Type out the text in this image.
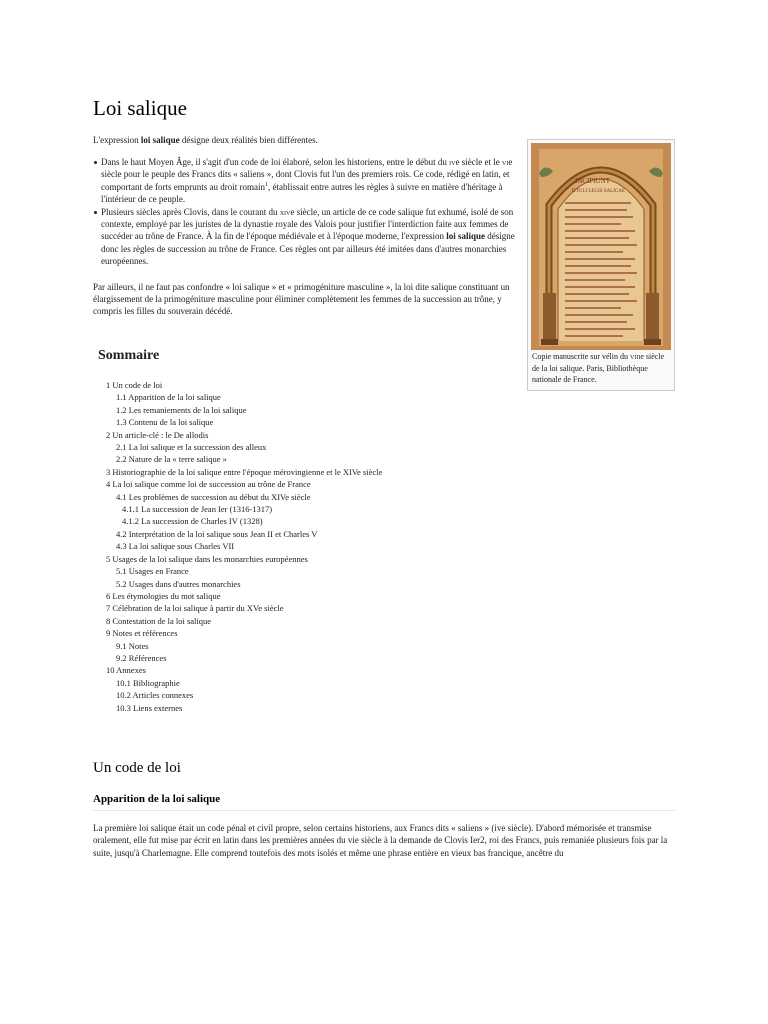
Loi salique
L'expression loi salique désigne deux réalités bien différentes.
Dans le haut Moyen Âge, il s'agit d'un code de loi élaboré, selon les historiens, entre le début du ive siècle et le vie siècle pour le peuple des Francs dits « saliens », dont Clovis fut l'un des premiers rois. Ce code, rédigé en latin, et comportant de forts emprunts au droit romain$^1$, établissait entre autres les règles à suivre en matière d'héritage à l'intérieur de ce peuple.
Plusieurs siècles après Clovis, dans le courant du xive siècle, un article de ce code salique fut exhumé, isolé de son contexte, employé par les juristes de la dynastie royale des Valois pour justifier l'interdiction faite aux femmes de succéder au trône de France. À la fin de l'époque médiévale et à l'époque moderne, l'expression loi salique désigne donc les règles de succession au trône de France. Ces règles ont par ailleurs été imitées dans d'autres monarchies européennes.
Par ailleurs, il ne faut pas confondre « loi salique » et « primogéniture masculine », la loi dite salique constituant un élargissement de la primogéniture masculine pour éliminer complètement les femmes de la succession au trône, y compris les filles du souverain décédé.
INCIPIUNT
TITULI LEGIS SALICAE
Copie manuscrite sur vélin du viiie siècle de la loi salique. Paris, Bibliothèque nationale de France.
Sommaire
1 Un code de loi
1.1 Apparition de la loi salique
1.2 Les remaniements de la loi salique
1.3 Contenu de la loi salique
2 Un article-clé : le De allodis
2.1 La loi salique et la succession des alleux
2.2 Nature de la « terre salique »
3 Historiographie de la loi salique entre l'époque mérovingienne et le XIVe siècle
4 La loi salique comme loi de succession au trône de France
4.1 Les problèmes de succession au début du XIVe siècle
4.1.1 La succession de Jean Ier (1316-1317)
4.1.2 La succession de Charles IV (1328)
4.2 Interprétation de la loi salique sous Jean II et Charles V
4.3 La loi salique sous Charles VII
5 Usages de la loi salique dans les monarchies européennes
5.1 Usages en France
5.2 Usages dans d'autres monarchies
6 Les étymologies du mot salique
7 Célébration de la loi salique à partir du XVe siècle
8 Contestation de la loi salique
9 Notes et références
9.1 Notes
9.2 Références
10 Annexes
10.1 Bibliographie
10.2 Articles connexes
10.3 Liens externes
Un code de loi
Apparition de la loi salique
La première loi salique était un code pénal et civil propre, selon certains historiens, aux Francs dits « saliens » (ive siècle). D'abord mémorisée et transmise oralement, elle fut mise par écrit en latin dans les premières années du vie siècle à la demande de Clovis Ier2, roi des Francs, puis remaniée plusieurs fois par la suite, jusqu'à Charlemagne. Elle comprend toutefois des mots isolés et même une phrase entière en vieux bas francique, ancêtre du
